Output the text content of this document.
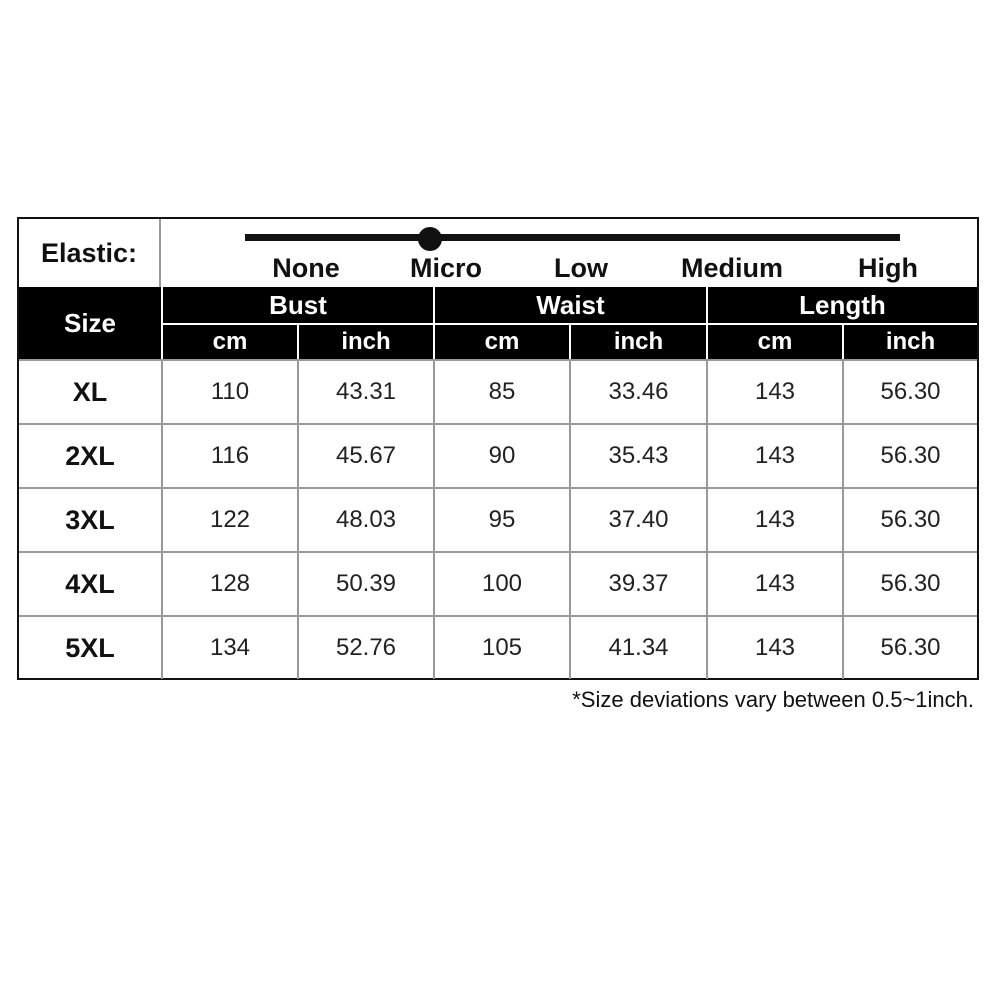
Elastic:
None	Micro	Low	Medium	High
Size
Bust	Waist	Length
cm	inch	cm	inch	cm	inch
XL	110	43.31	85	33.46	143	56.30
2XL	116	45.67	90	35.43	143	56.30
3XL	122	48.03	95	37.40	143	56.30
4XL	128	50.39	100	39.37	143	56.30
5XL	134	52.76	105	41.34	143	56.30
*Size deviations vary between 0.5~1inch.
